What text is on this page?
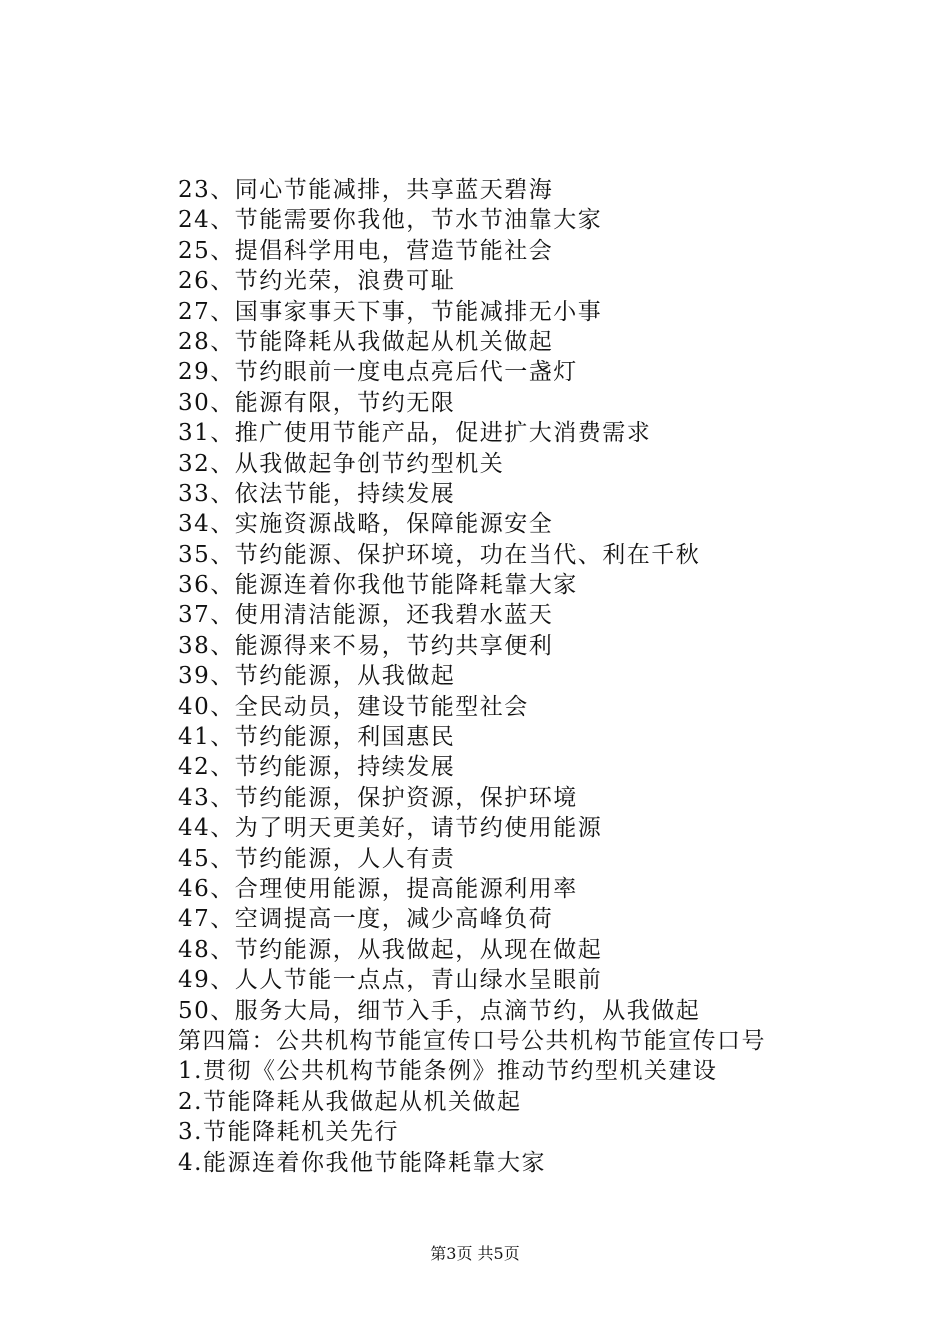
23、同心节能减排，共享蓝天碧海
24、节能需要你我他，节水节油靠大家
25、提倡科学用电，营造节能社会
26、节约光荣，浪费可耻
27、国事家事天下事，节能减排无小事
28、节能降耗从我做起从机关做起
29、节约眼前一度电点亮后代一盏灯
30、能源有限，节约无限
31、推广使用节能产品，促进扩大消费需求
32、从我做起争创节约型机关
33、依法节能，持续发展
34、实施资源战略，保障能源安全
35、节约能源、保护环境，功在当代、利在千秋
36、能源连着你我他节能降耗靠大家
37、使用清洁能源，还我碧水蓝天
38、能源得来不易，节约共享便利
39、节约能源，从我做起
40、全民动员，建设节能型社会
41、节约能源，利国惠民
42、节约能源，持续发展
43、节约能源，保护资源，保护环境
44、为了明天更美好，请节约使用能源
45、节约能源，人人有责
46、合理使用能源，提高能源利用率
47、空调提高一度，减少高峰负荷
48、节约能源，从我做起，从现在做起
49、人人节能一点点，青山绿水呈眼前
50、服务大局，细节入手，点滴节约，从我做起
第四篇：公共机构节能宣传口号公共机构节能宣传口号
1.贯彻《公共机构节能条例》推动节约型机关建设
2.节能降耗从我做起从机关做起
3.节能降耗机关先行
4.能源连着你我他节能降耗靠大家
第3页 共5页
